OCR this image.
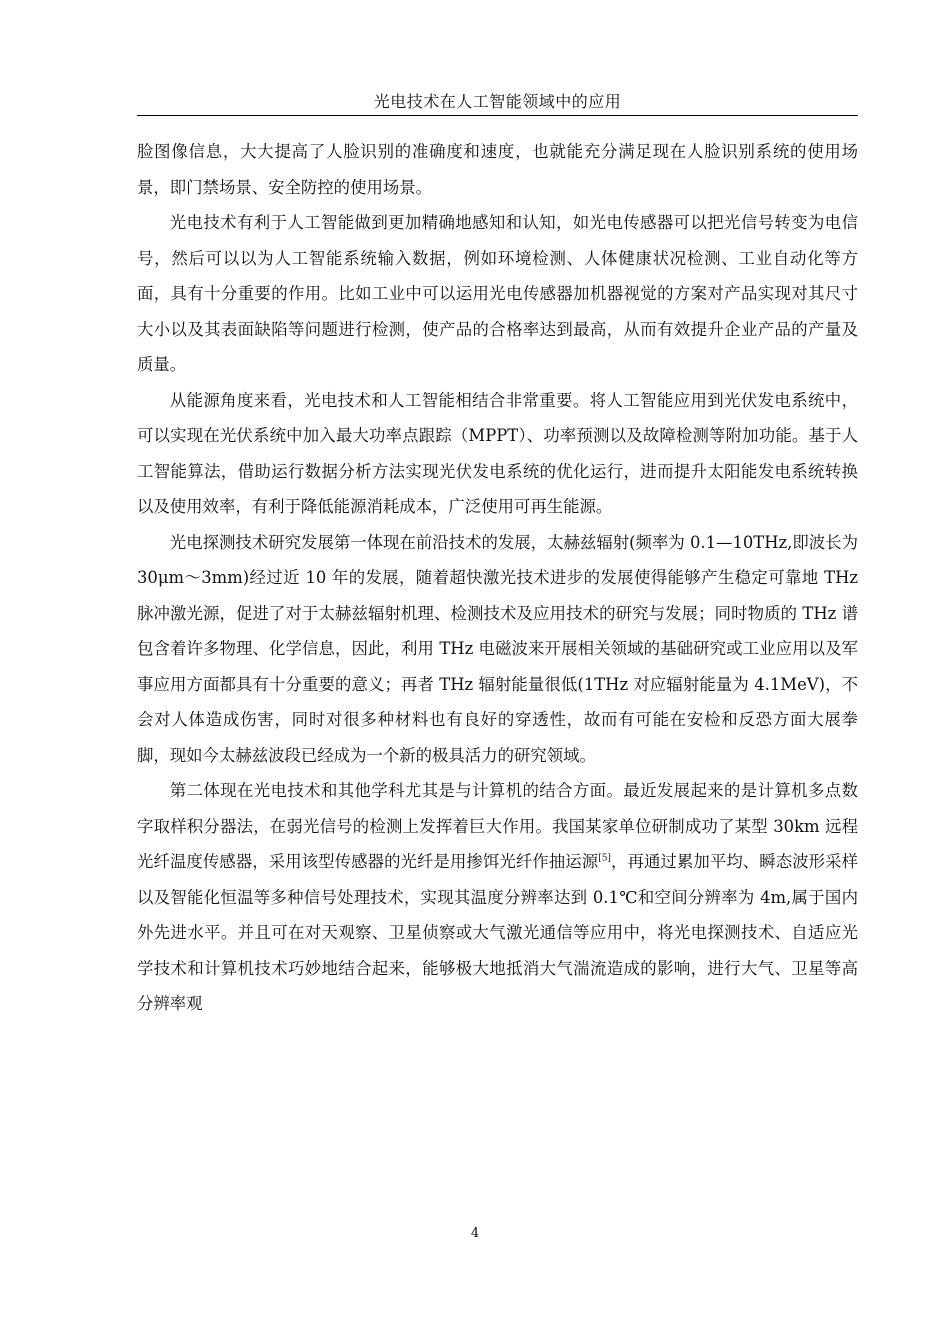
光电技术在人工智能领域中的应用

脸图像信息，大大提高了人脸识别的准确度和速度，也就能充分满足现在人脸识别系统的使用场景，即门禁场景、安全防控的使用场景。

光电技术有利于人工智能做到更加精确地感知和认知，如光电传感器可以把光信号转变为电信号，然后可以以为人工智能系统输入数据，例如环境检测、人体健康状况检测、工业自动化等方面，具有十分重要的作用。比如工业中可以运用光电传感器加机器视觉的方案对产品实现对其尺寸大小以及其表面缺陷等问题进行检测，使产品的合格率达到最高，从而有效提升企业产品的产量及质量。

从能源角度来看，光电技术和人工智能相结合非常重要。将人工智能应用到光伏发电系统中，可以实现在光伏系统中加入最大功率点跟踪（MPPT）、功率预测以及故障检测等附加功能。基于人工智能算法，借助运行数据分析方法实现光伏发电系统的优化运行，进而提升太阳能发电系统转换以及使用效率，有利于降低能源消耗成本，广泛使用可再生能源。

光电探测技术研究发展第一体现在前沿技术的发展，太赫兹辐射(频率为 0.1—10THz,即波长为 30μm～3mm)经过近 10 年的发展，随着超快激光技术进步的发展使得能够产生稳定可靠地 THz 脉冲激光源，促进了对于太赫兹辐射机理、检测技术及应用技术的研究与发展；同时物质的 THz 谱包含着许多物理、化学信息，因此，利用 THz 电磁波来开展相关领域的基础研究或工业应用以及军事应用方面都具有十分重要的意义；再者 THz 辐射能量很低(1THz 对应辐射能量为 4.1MeV)，不会对人体造成伤害，同时对很多种材料也有良好的穿透性，故而有可能在安检和反恐方面大展拳脚，现如今太赫兹波段已经成为一个新的极具活力的研究领域。

第二体现在光电技术和其他学科尤其是与计算机的结合方面。最近发展起来的是计算机多点数字取样积分器法，在弱光信号的检测上发挥着巨大作用。我国某家单位研制成功了某型 30km 远程光纤温度传感器，采用该型传感器的光纤是用掺饵光纤作抽运源[5]，再通过累加平均、瞬态波形采样以及智能化恒温等多种信号处理技术，实现其温度分辨率达到 0.1℃和空间分辨率为 4m,属于国内外先进水平。并且可在对天观察、卫星侦察或大气激光通信等应用中，将光电探测技术、自适应光学技术和计算机技术巧妙地结合起来，能够极大地抵消大气湍流造成的影响，进行大气、卫星等高分辨率观

4
